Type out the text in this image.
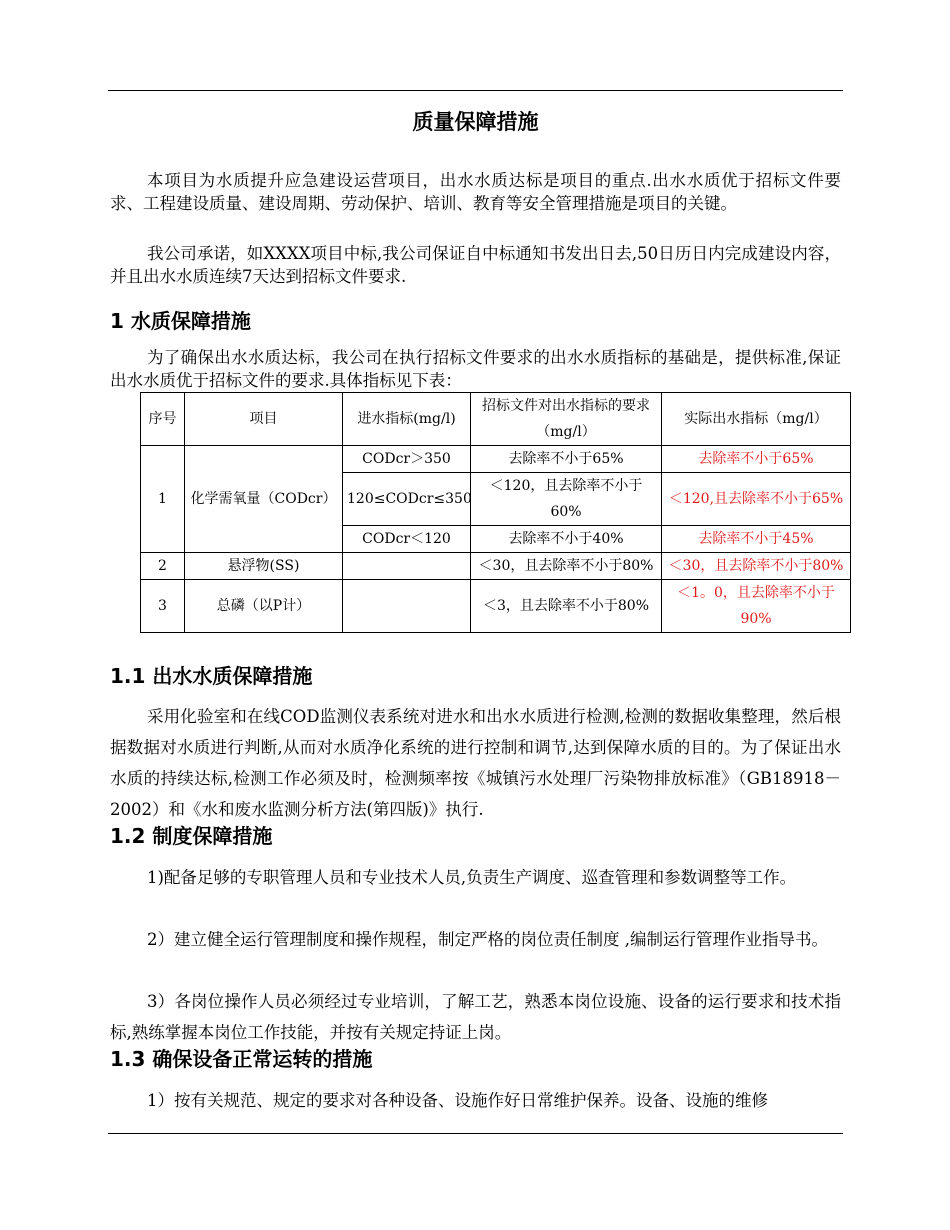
质量保障措施

本项目为水质提升应急建设运营项目，出水水质达标是项目的重点.出水水质优于招标文件要求、工程建设质量、建设周期、劳动保护、培训、教育等安全管理措施是项目的关键。

我公司承诺，如XXXX项目中标,我公司保证自中标通知书发出日去,50日历日内完成建设内容，并且出水水质连续7天达到招标文件要求.

1 水质保障措施

为了确保出水水质达标，我公司在执行招标文件要求的出水水质指标的基础是，提供标准,保证出水水质优于招标文件的要求.具体指标见下表：

序号	项目	进水指标(mg/l)	招标文件对出水指标的要求（mg/l）	实际出水指标（mg/l）
1	化学需氧量（CODcr）	CODcr＞350	去除率不小于65%	去除率不小于65%
		120≤CODcr≤350	＜120，且去除率不小于60%	＜120,且去除率不小于65%
		CODcr＜120	去除率不小于40%	去除率不小于45%
2	悬浮物(SS)		＜30，且去除率不小于80%	＜30，且去除率不小于80%
3	总磷（以P计）		＜3，且去除率不小于80%	＜1。0，且去除率不小于90%
1.1 出水水质保障措施

采用化验室和在线COD监测仪表系统对进水和出水水质进行检测,检测的数据收集整理，然后根据数据对水质进行判断,从而对水质净化系统的进行控制和调节,达到保障水质的目的。为了保证出水水质的持续达标,检测工作必须及时，检测频率按《城镇污水处理厂污染物排放标准》（GB18918－2002）和《水和废水监测分析方法(第四版)》执行.

1.2 制度保障措施

1)配备足够的专职管理人员和专业技术人员,负责生产调度、巡查管理和参数调整等工作。

2）建立健全运行管理制度和操作规程，制定严格的岗位责任制度 ,编制运行管理作业指导书。

3）各岗位操作人员必须经过专业培训，了解工艺，熟悉本岗位设施、设备的运行要求和技术指标,熟练掌握本岗位工作技能，并按有关规定持证上岗。

1.3 确保设备正常运转的措施

1）按有关规范、规定的要求对各种设备、设施作好日常维护保养。设备、设施的维修
